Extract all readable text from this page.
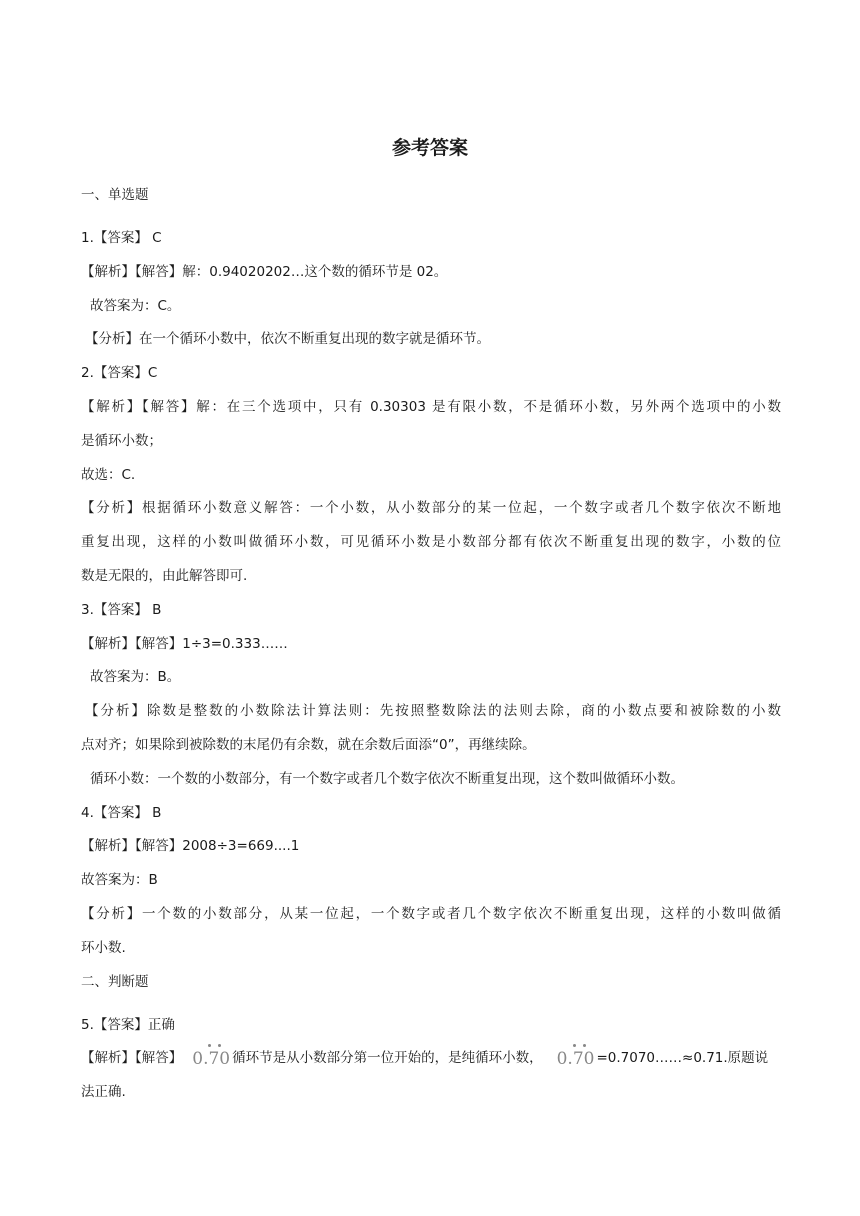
参考答案
一、单选题
1.【答案】 C
【解析】【解答】解：0.94020202…这个数的循环节是 02。
故答案为：C。
【分析】在一个循环小数中，依次不断重复出现的数字就是循环节。
2.【答案】C
【解析】【解答】解：在三个选项中，只有 0.30303 是有限小数，不是循环小数，另外两个选项中的小数
是循环小数；
故选：C.
【分析】根据循环小数意义解答：一个小数，从小数部分的某一位起，一个数字或者几个数字依次不断地
重复出现，这样的小数叫做循环小数，可见循环小数是小数部分都有依次不断重复出现的数字，小数的位
数是无限的，由此解答即可.
3.【答案】 B
【解析】【解答】1÷3=0.333……
故答案为：B。
【分析】除数是整数的小数除法计算法则：先按照整数除法的法则去除，商的小数点要和被除数的小数
点对齐；如果除到被除数的末尾仍有余数，就在余数后面添“0”，再继续除。
循环小数：一个数的小数部分，有一个数字或者几个数字依次不断重复出现，这个数叫做循环小数。
4.【答案】 B
【解析】【解答】2008÷3=669....1
故答案为：B
【分析】一个数的小数部分，从某一位起，一个数字或者几个数字依次不断重复出现，这样的小数叫做循
环小数.
二、判断题
5.【答案】正确
【解析】【解答】 0.70 循环节是从小数部分第一位开始的，是纯循环小数， 0.70 =0.7070……≈0.71.原题说
法正确.
